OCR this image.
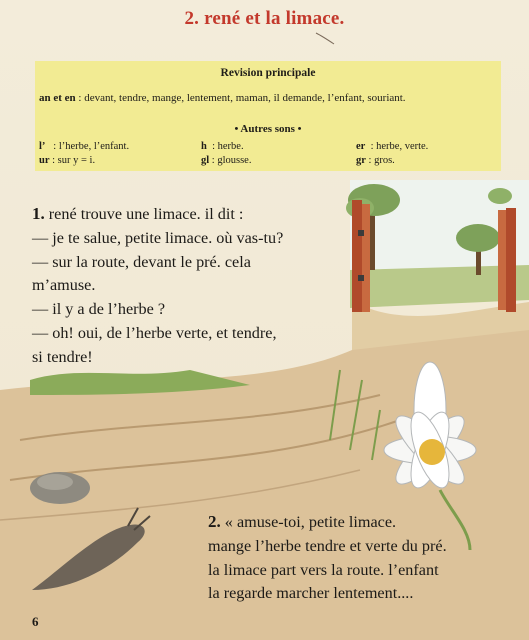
2. rené et la limace.
Revision principale
an et en : devant, tendre, mange, lentement, maman, il demande, l’enfant, souriant.
• Autres sons •
l’ : l’herbe, l’enfant.	h : herbe.	er : herbe, verte.
ur : sur y = i.	gl : glousse.	gr : gros.

1. rené trouve une limace. il dit :

— je te salue, petite limace. où vas-tu?

— sur la route, devant le pré. cela

m’amuse.

— il y a de l’herbe ?

— oh! oui, de l’herbe verte, et tendre,

si tendre!

2. « amuse-toi, petite limace.

mange l’herbe tendre et verte du pré.

la limace part vers la route. l’enfant

la regarde marcher lentement....

6
